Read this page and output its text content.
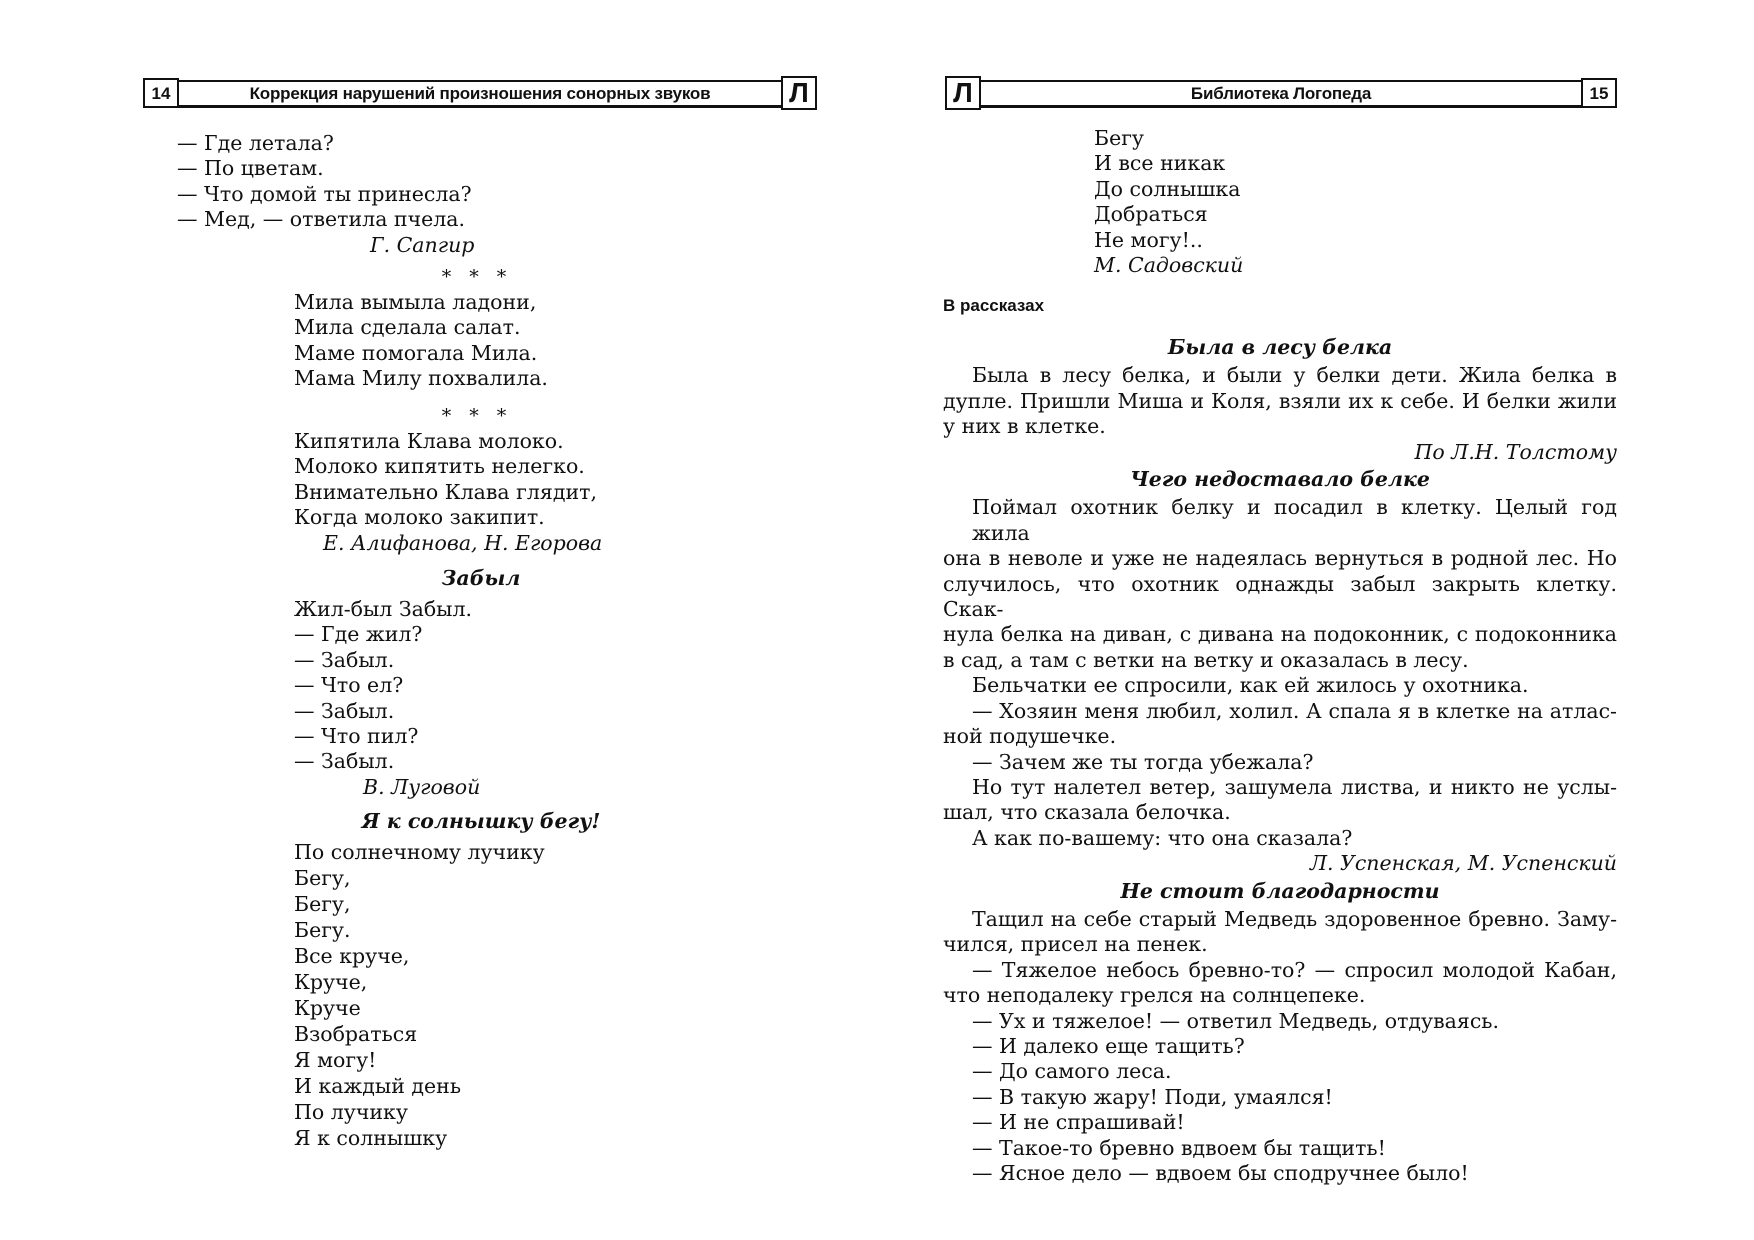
14	Коррекция нарушений произношения сонорных звуков	Л
— Где летала?
— По цветам.
— Что домой ты принесла?
— Мед, — ответила пчела.
Г. Сапгир
* * *
Мила вымыла ладони,
Мила сделала салат.
Маме помогала Мила.
Мама Милу похвалила.
* * *
Кипятила Клава молоко.
Молоко кипятить нелегко.
Внимательно Клава глядит,
Когда молоко закипит.
Е. Алифанова, Н. Егорова
Забыл
Жил-был Забыл.
— Где жил?
— Забыл.
— Что ел?
— Забыл.
— Что пил?
— Забыл.
В. Луговой
Я к солнышку бегу!
По солнечному лучику
Бегу,
Бегу,
Бегу.
Все круче,
Круче,
Круче
Взобраться
Я могу!
И каждый день
По лучику
Я к солнышку
Л	Библиотека Логопеда	15
Бегу
И все никак
До солнышка
Добраться
Не могу!..
М. Садовский
В рассказах
Была в лесу белка
Была в лесу белка, и были у белки дети. Жила белка в
дупле. Пришли Миша и Коля, взяли их к себе. И белки жили
у них в клетке.
По Л.Н. Толстому
Чего недоставало белке
Поймал охотник белку и посадил в клетку. Целый год жила
она в неволе и уже не надеялась вернуться в родной лес. Но
случилось, что охотник однажды забыл закрыть клетку. Скак-
нула белка на диван, с дивана на подоконник, с подоконника
в сад, а там с ветки на ветку и оказалась в лесу.
Бельчатки ее спросили, как ей жилось у охотника.
— Хозяин меня любил, холил. А спала я в клетке на атлас-
ной подушечке.
— Зачем же ты тогда убежала?
Но тут налетел ветер, зашумела листва, и никто не услы-
шал, что сказала белочка.
А как по-вашему: что она сказала?
Л. Успенская, М. Успенский
Не стоит благодарности
Тащил на себе старый Медведь здоровенное бревно. Заму-
чился, присел на пенек.
— Тяжелое небось бревно-то? — спросил молодой Кабан,
что неподалеку грелся на солнцепеке.
— Ух и тяжелое! — ответил Медведь, отдуваясь.
— И далеко еще тащить?
— До самого леса.
— В такую жару! Поди, умаялся!
— И не спрашивай!
— Такое-то бревно вдвоем бы тащить!
— Ясное дело — вдвоем бы сподручнее было!
